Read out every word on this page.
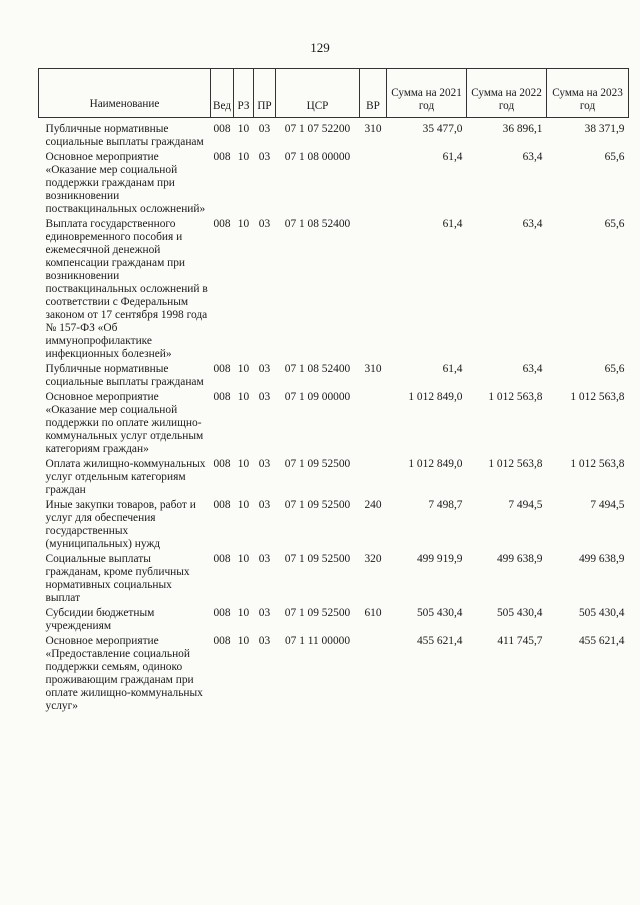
129
Наименование	Вед	РЗ	ПР	ЦСР	ВР	Сумма на 2021 год	Сумма на 2022 год	Сумма на 2023 год
Публичные нормативные социальные выплаты гражданам	008	10	03	07 1 07 52200	310	35 477,0	36 896,1	38 371,9
Основное мероприятие «Оказание мер социальной поддержки гражданам при возникновении поствакцинальных осложнений»	008	10	03	07 1 08 00000		61,4	63,4	65,6
Выплата государственного единовременного пособия и ежемесячной денежной компенсации гражданам при возникновении поствакцинальных осложнений в соответствии с Федеральным законом от 17 сентября 1998 года № 157-ФЗ «Об иммунопрофилактике инфекционных болезней»	008	10	03	07 1 08 52400		61,4	63,4	65,6
Публичные нормативные социальные выплаты гражданам	008	10	03	07 1 08 52400	310	61,4	63,4	65,6
Основное мероприятие «Оказание мер социальной поддержки по оплате жилищно-коммунальных услуг отдельным категориям граждан»	008	10	03	07 1 09 00000		1 012 849,0	1 012 563,8	1 012 563,8
Оплата жилищно-коммунальных услуг отдельным категориям граждан	008	10	03	07 1 09 52500		1 012 849,0	1 012 563,8	1 012 563,8
Иные закупки товаров, работ и услуг для обеспечения государственных (муниципальных) нужд	008	10	03	07 1 09 52500	240	7 498,7	7 494,5	7 494,5
Социальные выплаты гражданам, кроме публичных нормативных социальных выплат	008	10	03	07 1 09 52500	320	499 919,9	499 638,9	499 638,9
Субсидии бюджетным учреждениям	008	10	03	07 1 09 52500	610	505 430,4	505 430,4	505 430,4
Основное мероприятие «Предоставление социальной поддержки семьям, одиноко проживающим гражданам при оплате жилищно-коммунальных услуг»	008	10	03	07 1 11 00000		455 621,4	411 745,7	455 621,4
